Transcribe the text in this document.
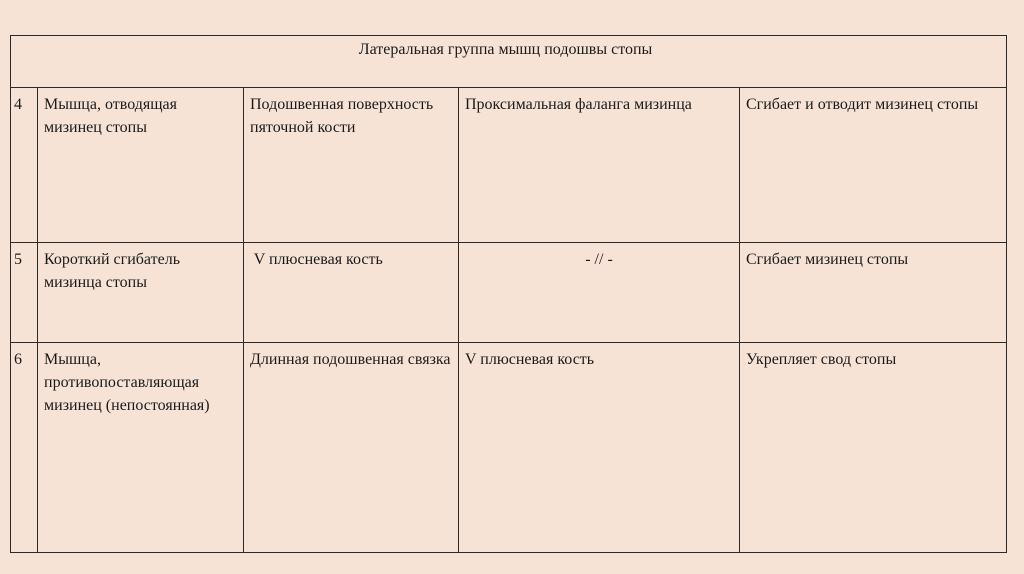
Латеральная группа мышц подошвы стопы				

4	Мышца, отводящая мизинец стопы	Подошвенная поверхность пяточной кости	Проксимальная фаланга мизинца	Сгибает и отводит мизинец стопы

5	Короткий сгибатель мизинца стопы	V плюсневая кость	- // -	Сгибает мизинец стопы

6	Мышца, противопоставляющая мизинец (непостоянная)	Длинная подошвенная связка	V плюсневая кость	Укрепляет свод стопы
